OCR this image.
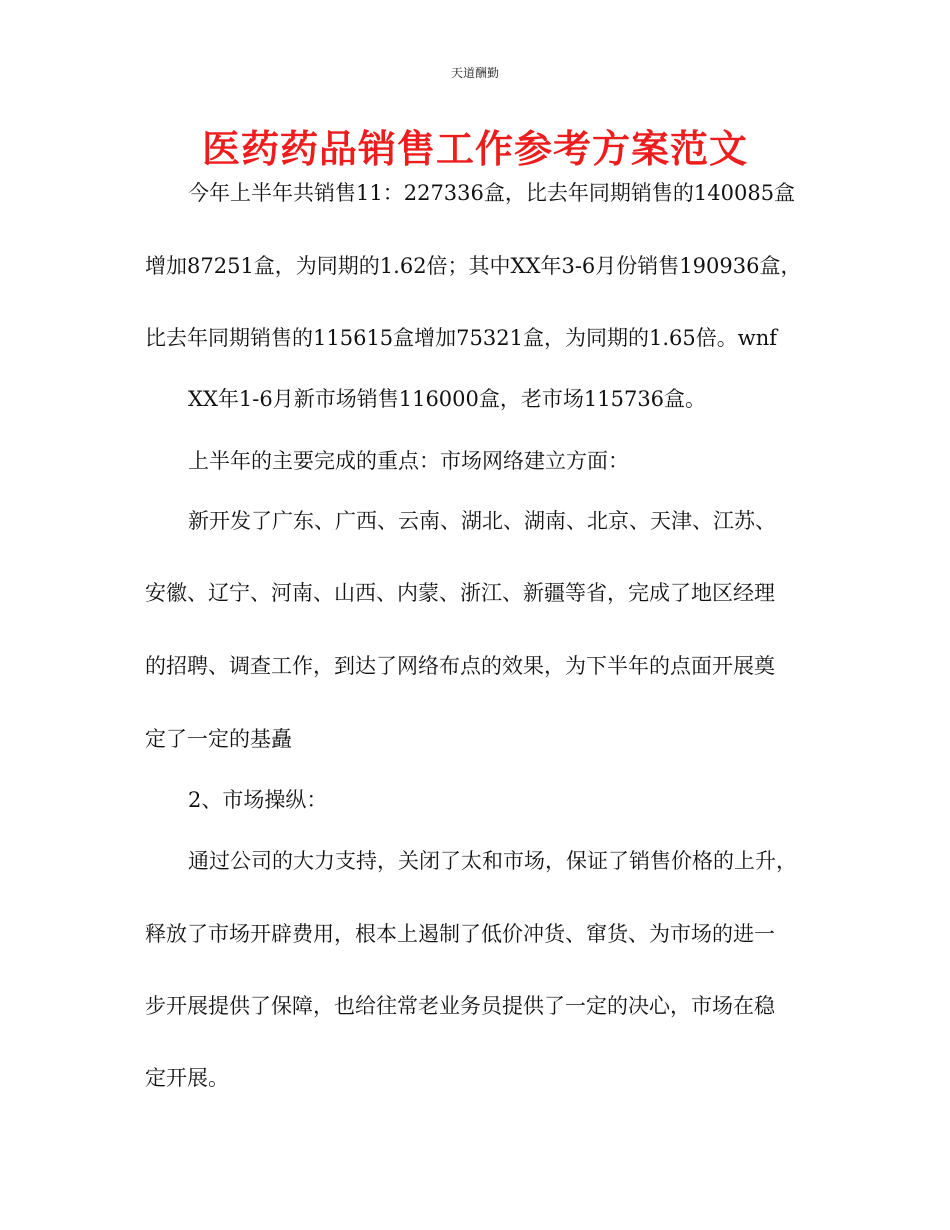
天道酬勤
医药药品销售工作参考方案范文
今年上半年共销售11：227336盒，比去年同期销售的140085盒
增加87251盒，为同期的1.62倍；其中XX年3-6月份销售190936盒，
比去年同期销售的115615盒增加75321盒，为同期的1.65倍。wnf
XX年1-6月新市场销售116000盒，老市场115736盒。
上半年的主要完成的重点：市场网络建立方面：
新开发了广东、广西、云南、湖北、湖南、北京、天津、江苏、
安徽、辽宁、河南、山西、内蒙、浙江、新疆等省，完成了地区经理
的招聘、调查工作，到达了网络布点的效果，为下半年的点面开展奠
定了一定的基矗
2、市场操纵：
通过公司的大力支持，关闭了太和市场，保证了销售价格的上升，
释放了市场开辟费用，根本上遏制了低价冲货、窜货、为市场的进一
步开展提供了保障，也给往常老业务员提供了一定的决心，市场在稳
定开展。
